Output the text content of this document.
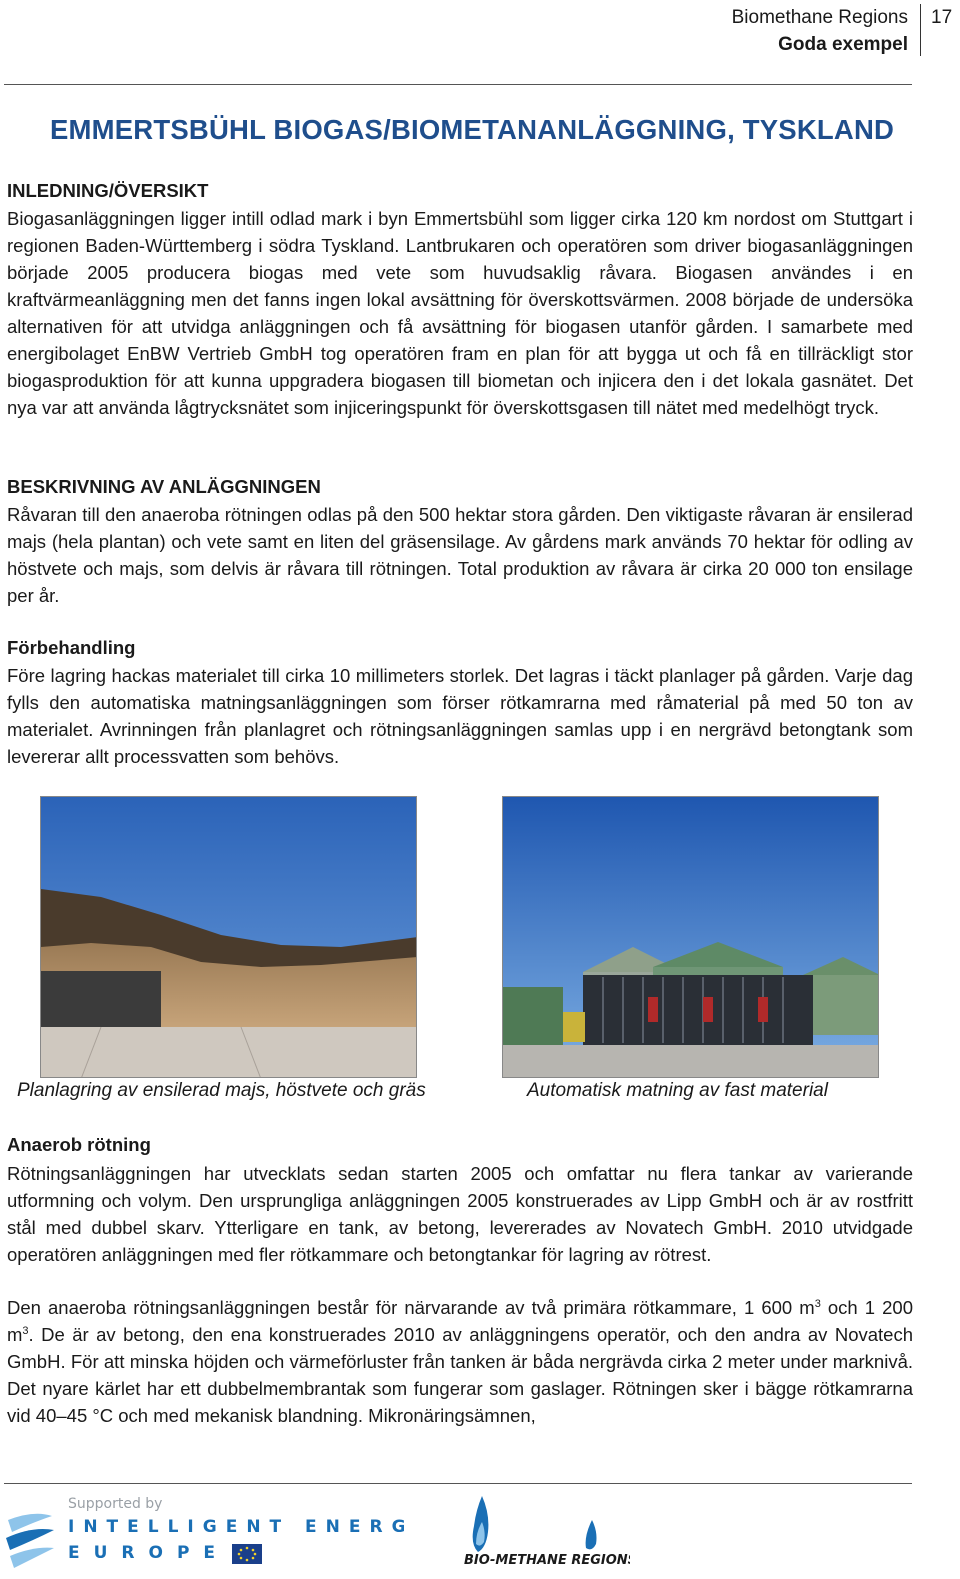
Biomethane Regions
Goda exempel
17
EMMERTSBÜHL BIOGAS/BIOMETANANLÄGGNING, TYSKLAND
INLEDNING/ÖVERSIKT
Biogasanläggningen ligger intill odlad mark i byn Emmertsbühl som ligger cirka 120 km nordost om Stuttgart i regionen Baden-Württemberg i södra Tyskland. Lantbrukaren och operatören som driver biogasanläggningen började 2005 producera biogas med vete som huvudsaklig råvara. Biogasen användes i en kraftvärmeanläggning men det fanns ingen lokal avsättning för överskottsvärmen. 2008 började de undersöka alternativen för att utvidga anläggningen och få avsättning för biogasen utanför gården. I samarbete med energibolaget EnBW Vertrieb GmbH tog operatören fram en plan för att bygga ut och få en tillräckligt stor biogasproduktion för att kunna uppgradera biogasen till biometan och injicera den i det lokala gasnätet. Det nya var att använda lågtrycksnätet som injiceringspunkt för överskottsgasen till nätet med medelhögt tryck.
BESKRIVNING AV ANLÄGGNINGEN
Råvaran till den anaeroba rötningen odlas på den 500 hektar stora gården. Den viktigaste råvaran är ensilerad majs (hela plantan) och vete samt en liten del gräsensilage. Av gårdens mark används 70 hektar för odling av höstvete och majs, som delvis är råvara till rötningen. Total produktion av råvara är cirka 20 000 ton ensilage per år.
Förbehandling
Före lagring hackas materialet till cirka 10 millimeters storlek. Det lagras i täckt planlager på gården. Varje dag fylls den automatiska matningsanläggningen som förser rötkamrarna med råmaterial på med 50 ton av materialet. Avrinningen från planlagret och rötningsanläggningen samlas upp i en nergrävd betongtank som levererar allt processvatten som behövs.
Planlagring av ensilerad majs, höstvete och gräs	Automatisk matning av fast material
Anaerob rötning
Rötningsanläggningen har utvecklats sedan starten 2005 och omfattar nu flera tankar av varierande utformning och volym. Den ursprungliga anläggningen 2005 konstruerades av Lipp GmbH och är av rostfritt stål med dubbel skarv. Ytterligare en tank, av betong, levererades av Novatech GmbH. 2010 utvidgade operatören anläggningen med fler rötkammare och betongtankar för lagring av rötrest.
Den anaeroba rötningsanläggningen består för närvarande av två primära rötkammare, 1 600 $m^3$ och 1 200 $m^3$. De är av betong, den ena konstruerades 2010 av anläggningens operatör, och den andra av Novatech GmbH. För att minska höjden och värmeförluster från tanken är båda nergrävda cirka 2 meter under marknivå. Det nyare kärlet har ett dubbelmembrantak som fungerar som gaslager. Rötningen sker i bägge rötkamrarna vid 40–45 °C och med mekanisk blandning. Mikronäringsämnen,
Supported by
INTELLIGENT ENERGY
EUROPE	BIO-METHANE REGIONS
